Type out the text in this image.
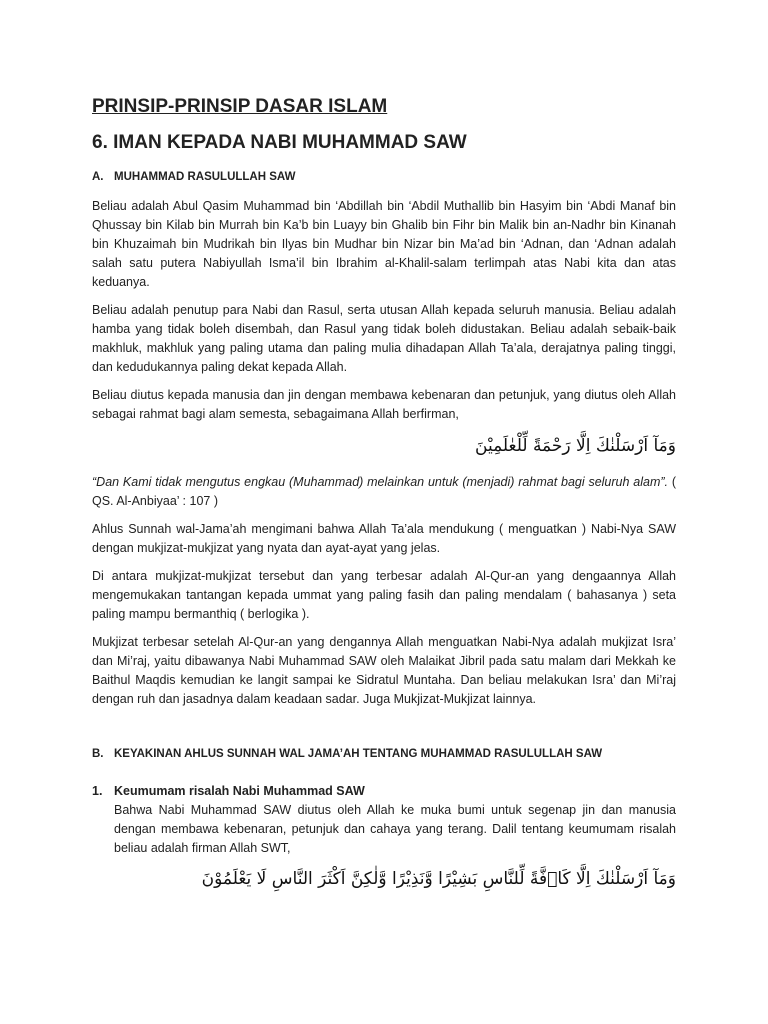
PRINSIP-PRINSIP DASAR ISLAM
6. IMAN KEPADA NABI MUHAMMAD SAW
A. MUHAMMAD RASULULLAH SAW

Beliau adalah Abul Qasim Muhammad bin ‘Abdillah bin ‘Abdil Muthallib bin Hasyim bin ‘Abdi Manaf bin Qhussay bin Kilab bin Murrah bin Ka’b bin Luayy bin Ghalib bin Fihr bin Malik bin an-Nadhr bin Kinanah bin Khuzaimah bin Mudrikah bin Ilyas bin Mudhar bin Nizar bin Ma’ad bin ‘Adnan, dan ‘Adnan adalah salah satu putera Nabiyullah Isma’il bin Ibrahim al-Khalil-salam terlimpah atas Nabi kita dan atas keduanya.

Beliau adalah penutup para Nabi dan Rasul, serta utusan Allah kepada seluruh manusia. Beliau adalah hamba yang tidak boleh disembah, dan Rasul yang tidak boleh didustakan. Beliau adalah sebaik-baik makhluk, makhluk yang paling utama dan paling mulia dihadapan Allah Ta’ala, derajatnya paling tinggi, dan kedudukannya paling dekat kepada Allah.

Beliau diutus kepada manusia dan jin dengan membawa kebenaran dan petunjuk, yang diutus oleh Allah sebagai rahmat bagi alam semesta, sebagaimana Allah berfirman,

وَمَآ اَرْسَلْنٰكَ اِلَّا رَحْمَةً لِّلْعٰلَمِيْنَ

“Dan Kami tidak mengutus engkau (Muhammad) melainkan untuk (menjadi) rahmat bagi seluruh alam”. ( QS. Al-Anbiyaa’ : 107 )

Ahlus Sunnah wal-Jama’ah mengimani bahwa Allah Ta’ala mendukung ( menguatkan ) Nabi-Nya SAW dengan mukjizat-mukjizat yang nyata dan ayat-ayat yang jelas.

Di antara mukjizat-mukjizat tersebut dan yang terbesar adalah Al-Qur-an yang dengaannya Allah mengemukakan tantangan kepada ummat yang paling fasih dan paling mendalam ( bahasanya ) seta paling mampu bermanthiq ( berlogika ).

Mukjizat terbesar setelah Al-Qur-an yang dengannya Allah menguatkan Nabi-Nya adalah mukjizat Isra’ dan Mi’raj, yaitu dibawanya Nabi Muhammad SAW oleh Malaikat Jibril pada satu malam dari Mekkah ke Baithul Maqdis kemudian ke langit sampai ke Sidratul Muntaha. Dan beliau melakukan Isra’ dan Mi’raj dengan ruh dan jasadnya dalam keadaan sadar. Juga Mukjizat-Mukjizat lainnya.

B. KEYAKINAN AHLUS SUNNAH WAL JAMA’AH TENTANG MUHAMMAD RASULULLAH SAW
1. Keumumam risalah Nabi Muhammad SAW

Bahwa Nabi Muhammad SAW diutus oleh Allah ke muka bumi untuk segenap jin dan manusia dengan membawa kebenaran, petunjuk dan cahaya yang terang. Dalil tentang keumumam risalah beliau adalah firman Allah SWT,

وَمَآ اَرْسَلْنٰكَ اِلَّا كَاۤفَّةً لِّلنَّاسِ بَشِيْرًا وَّنَذِيْرًا وَّلٰكِنَّ اَكْثَرَ النَّاسِ لَا يَعْلَمُوْنَ
